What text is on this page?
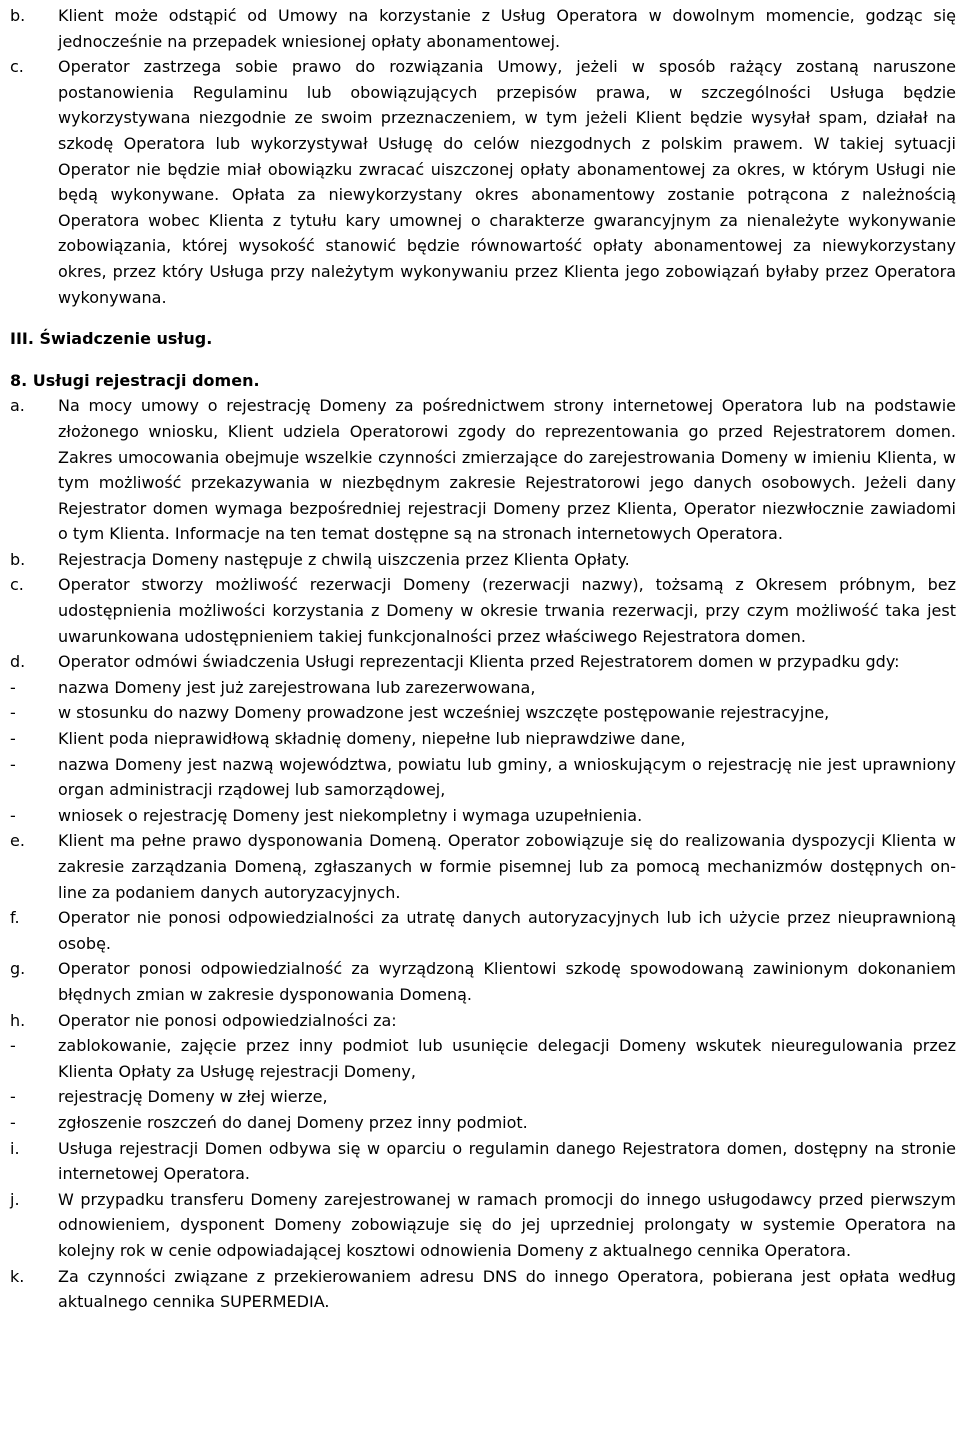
b. Klient może odstąpić od Umowy na korzystanie z Usług Operatora w dowolnym momencie, godząc się jednocześnie na przepadek wniesionej opłaty abonamentowej.
c. Operator zastrzega sobie prawo do rozwiązania Umowy, jeżeli w sposób rażący zostaną naruszone postanowienia Regulaminu lub obowiązujących przepisów prawa, w szczególności Usługa będzie wykorzystywana niezgodnie ze swoim przeznaczeniem, w tym jeżeli Klient będzie wysyłał spam, działał na szkodę Operatora lub wykorzystywał Usługę do celów niezgodnych z polskim prawem. W takiej sytuacji Operator nie będzie miał obowiązku zwracać uiszczonej opłaty abonamentowej za okres, w którym Usługi nie będą wykonywane. Opłata za niewykorzystany okres abonamentowy zostanie potrącona z należnością Operatora wobec Klienta z tytułu kary umownej o charakterze gwarancyjnym za nienależyte wykonywanie zobowiązania, której wysokość stanowić będzie równowartość opłaty abonamentowej za niewykorzystany okres, przez który Usługa przy należytym wykonywaniu przez Klienta jego zobowiązań byłaby przez Operatora wykonywana.
III. Świadczenie usług.
8. Usługi rejestracji domen.
a. Na mocy umowy o rejestrację Domeny za pośrednictwem strony internetowej Operatora lub na podstawie złożonego wniosku, Klient udziela Operatorowi zgody do reprezentowania go przed Rejestratorem domen. Zakres umocowania obejmuje wszelkie czynności zmierzające do zarejestrowania Domeny w imieniu Klienta, w tym możliwość przekazywania w niezbędnym zakresie Rejestratorowi jego danych osobowych. Jeżeli dany Rejestrator domen wymaga bezpośredniej rejestracji Domeny przez Klienta, Operator niezwłocznie zawiadomi o tym Klienta. Informacje na ten temat dostępne są na stronach internetowych Operatora.
b. Rejestracja Domeny następuje z chwilą uiszczenia przez Klienta Opłaty.
c. Operator stworzy możliwość rezerwacji Domeny (rezerwacji nazwy), tożsamą z Okresem próbnym, bez udostępnienia możliwości korzystania z Domeny w okresie trwania rezerwacji, przy czym możliwość taka jest uwarunkowana udostępnieniem takiej funkcjonalności przez właściwego Rejestratora domen.
d. Operator odmówi świadczenia Usługi reprezentacji Klienta przed Rejestratorem domen w przypadku gdy:
-	nazwa Domeny jest już zarejestrowana lub zarezerwowana,
-	w stosunku do nazwy Domeny prowadzone jest wcześniej wszczęte postępowanie rejestracyjne,
-	Klient poda nieprawidłową składnię domeny, niepełne lub nieprawdziwe dane,
-	nazwa Domeny jest nazwą województwa, powiatu lub gminy, a wnioskującym o rejestrację nie jest uprawniony organ administracji rządowej lub samorządowej,
-	wniosek o rejestrację Domeny jest niekompletny i wymaga uzupełnienia.
e. Klient ma pełne prawo dysponowania Domeną. Operator zobowiązuje się do realizowania dyspozycji Klienta w zakresie zarządzania Domeną, zgłaszanych w formie pisemnej lub za pomocą mechanizmów dostępnych on-line za podaniem danych autoryzacyjnych.
f. Operator nie ponosi odpowiedzialności za utratę danych autoryzacyjnych lub ich użycie przez nieuprawnioną osobę.
g. Operator ponosi odpowiedzialność za wyrządzoną Klientowi szkodę spowodowaną zawinionym dokonaniem błędnych zmian w zakresie dysponowania Domeną.
h. Operator nie ponosi odpowiedzialności za:
-	zablokowanie, zajęcie przez inny podmiot lub usunięcie delegacji Domeny wskutek nieuregulowania przez Klienta Opłaty za Usługę rejestracji Domeny,
-	rejestrację Domeny w złej wierze,
-	zgłoszenie roszczeń do danej Domeny przez inny podmiot.
i. Usługa rejestracji Domen odbywa się w oparciu o regulamin danego Rejestratora domen, dostępny na stronie internetowej Operatora.
j. W przypadku transferu Domeny zarejestrowanej w ramach promocji do innego usługodawcy przed pierwszym odnowieniem, dysponent Domeny zobowiązuje się do jej uprzedniej prolongaty w systemie Operatora na kolejny rok w cenie odpowiadającej kosztowi odnowienia Domeny z aktualnego cennika Operatora.
k. Za czynności związane z przekierowaniem adresu DNS do innego Operatora, pobierana jest opłata według aktualnego cennika SUPERMEDIA.
